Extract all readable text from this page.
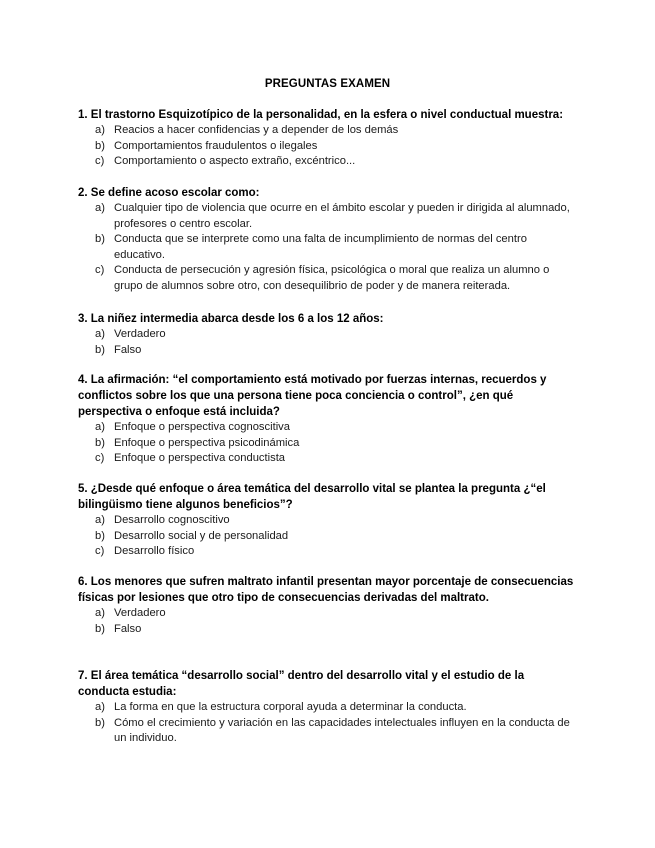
PREGUNTAS EXAMEN

1. El trastorno Esquizotípico de la personalidad, en la esfera o nivel conductual muestra:

a) Reacios a hacer confidencias y a depender de los demás
b) Comportamientos fraudulentos o ilegales
c) Comportamiento o aspecto extraño, excéntrico...

2. Se define acoso escolar como:

a) Cualquier tipo de violencia que ocurre en el ámbito escolar y pueden ir dirigida al alumnado, profesores o centro escolar.
b) Conducta que se interprete como una falta de incumplimiento de normas del centro educativo.
c) Conducta de persecución y agresión física, psicológica o moral que realiza un alumno o grupo de alumnos sobre otro, con desequilibrio de poder y de manera reiterada.

3. La niñez intermedia abarca desde los 6 a los 12 años:

a) Verdadero
b) Falso

4. La afirmación: “el comportamiento está motivado por fuerzas internas, recuerdos y conflictos sobre los que una persona tiene poca conciencia o control”, ¿en qué perspectiva o enfoque está incluida?

a) Enfoque o perspectiva cognoscitiva
b) Enfoque o perspectiva psicodinámica
c) Enfoque o perspectiva conductista

5. ¿Desde qué enfoque o área temática del desarrollo vital se plantea la pregunta ¿“el bilingüismo tiene algunos beneficios”?

a) Desarrollo cognoscitivo
b) Desarrollo social y de personalidad
c) Desarrollo físico

6. Los menores que sufren maltrato infantil presentan mayor porcentaje de consecuencias físicas por lesiones que otro tipo de consecuencias derivadas del maltrato.

a) Verdadero
b) Falso

7. El área temática “desarrollo social” dentro del desarrollo vital y el estudio de la conducta estudia:

a) La forma en que la estructura corporal ayuda a determinar la conducta.
b) Cómo el crecimiento y variación en las capacidades intelectuales influyen en la conducta de un individuo.
